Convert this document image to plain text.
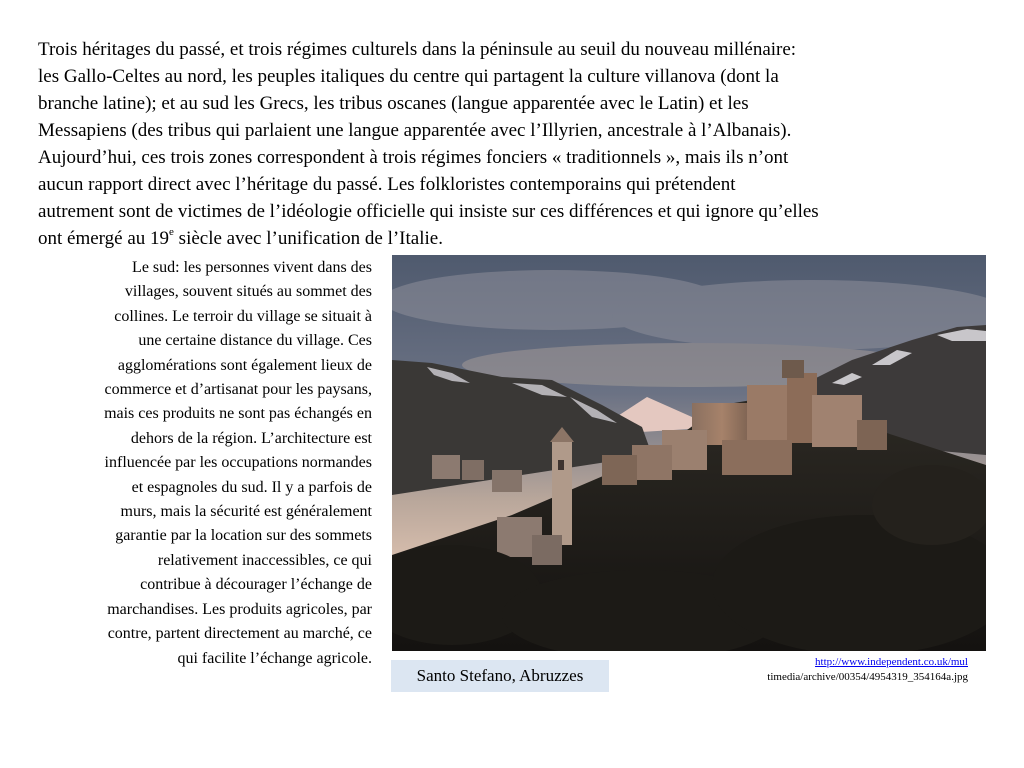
Trois héritages du passé, et trois régimes culturels dans la péninsule au seuil du nouveau millénaire:
les Gallo-Celtes au nord, les peuples italiques du centre qui partagent la culture villanova (dont la
branche latine); et au sud les Grecs, les tribus oscanes (langue apparentée avec le Latin) et les
Messapiens (des tribus qui parlaient une langue apparentée avec l’Illyrien, ancestrale à l’Albanais).
Aujourd’hui, ces trois zones correspondent à trois régimes fonciers « traditionnels », mais ils n’ont
aucun rapport direct avec l’héritage du passé. Les folkloristes contemporains qui prétendent
autrement sont de victimes de l’idéologie officielle qui insiste sur ces différences et qui ignore qu’elles
ont émergé au 19e siècle avec l’unification de l’Italie.
Le sud: les personnes vivent dans des
villages, souvent situés au sommet des
collines. Le terroir du village se situait à
une certaine distance du village. Ces
agglomérations sont également lieux de
commerce et d’artisanat pour les paysans,
mais ces produits ne sont pas échangés en
dehors de la région. L’architecture est
influencée par les occupations normandes
et espagnoles du sud. Il y a parfois de
murs, mais la sécurité est généralement
garantie par la location sur des sommets
relativement inaccessibles, ce qui
contribue à décourager l’échange de
marchandises. Les produits agricoles, par
contre, partent directement au marché, ce
qui facilite l’échange agricole.
Santo Stefano, Abruzzes
http://www.independent.co.uk/mul
timedia/archive/00354/4954319_354164a.jpg
